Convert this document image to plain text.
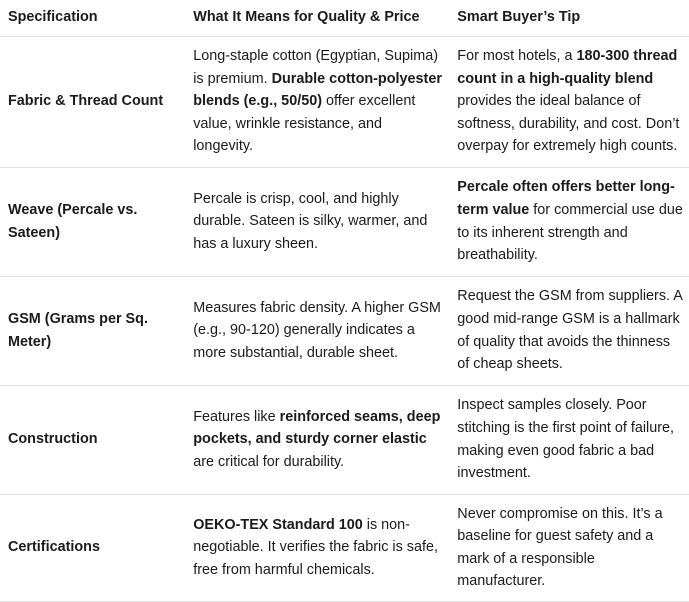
Specification	What It Means for Quality & Price	Smart Buyer’s Tip
Fabric & Thread Count	Long-staple cotton (Egyptian, Supima) is premium. Durable cotton-polyester blends (e.g., 50/50) offer excellent value, wrinkle resistance, and longevity.	For most hotels, a 180-300 thread count in a high-quality blend provides the ideal balance of softness, durability, and cost. Don’t overpay for extremely high counts.
Weave (Percale vs. Sateen)	Percale is crisp, cool, and highly durable. Sateen is silky, warmer, and has a luxury sheen.	Percale often offers better long-term value for commercial use due to its inherent strength and breathability.
GSM (Grams per Sq. Meter)	Measures fabric density. A higher GSM (e.g., 90-120) generally indicates a more substantial, durable sheet.	Request the GSM from suppliers. A good mid-range GSM is a hallmark of quality that avoids the thinness of cheap sheets.
Construction	Features like reinforced seams, deep pockets, and sturdy corner elastic are critical for durability.	Inspect samples closely. Poor stitching is the first point of failure, making even good fabric a bad investment.
Certifications	OEKO-TEX Standard 100 is non-negotiable. It verifies the fabric is safe, free from harmful chemicals.	Never compromise on this. It’s a baseline for guest safety and a mark of a responsible manufacturer.
